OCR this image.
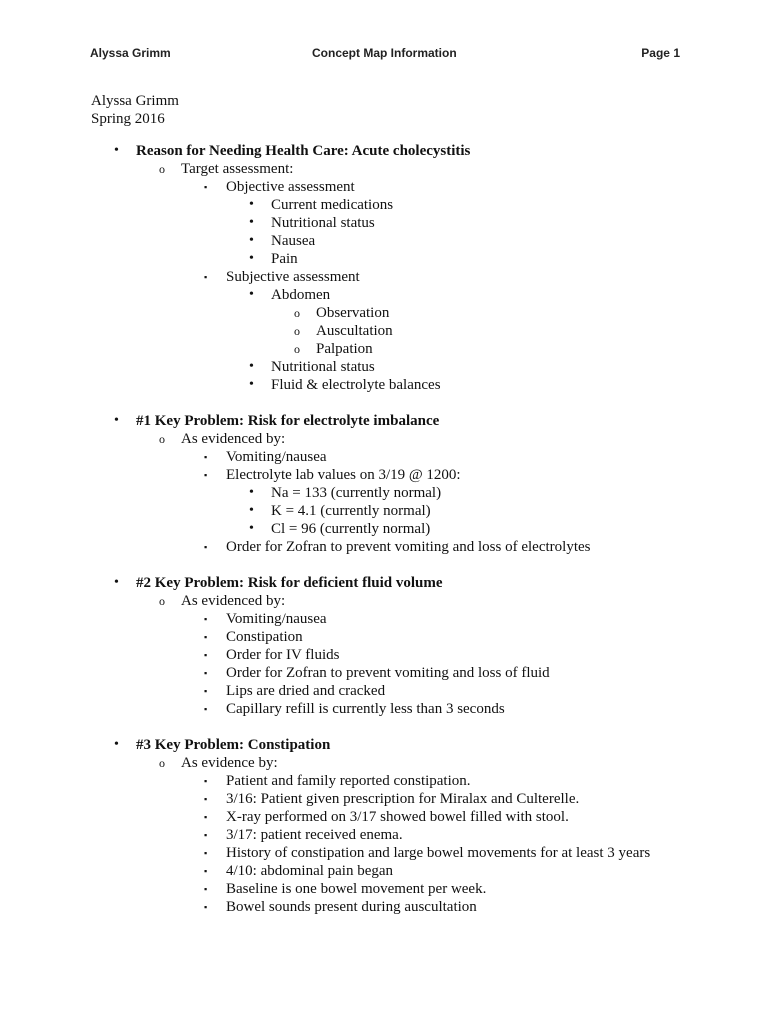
Alyssa Grimm	Concept Map Information	Page 1
Alyssa Grimm
Spring 2016
• Reason for Needing Health Care: Acute cholecystitis
o Target assessment:
▪ Objective assessment
• Current medications
• Nutritional status
• Nausea
• Pain
▪ Subjective assessment
• Abdomen
o Observation
o Auscultation
o Palpation
• Nutritional status
• Fluid & electrolyte balances
• #1 Key Problem: Risk for electrolyte imbalance
o As evidenced by:
▪ Vomiting/nausea
▪ Electrolyte lab values on 3/19 @ 1200:
• Na = 133 (currently normal)
• K = 4.1 (currently normal)
• Cl = 96 (currently normal)
▪ Order for Zofran to prevent vomiting and loss of electrolytes
• #2 Key Problem: Risk for deficient fluid volume
o As evidenced by:
▪ Vomiting/nausea
▪ Constipation
▪ Order for IV fluids
▪ Order for Zofran to prevent vomiting and loss of fluid
▪ Lips are dried and cracked
▪ Capillary refill is currently less than 3 seconds
• #3 Key Problem: Constipation
o As evidence by:
▪ Patient and family reported constipation.
▪ 3/16: Patient given prescription for Miralax and Culterelle.
▪ X-ray performed on 3/17 showed bowel filled with stool.
▪ 3/17: patient received enema.
▪ History of constipation and large bowel movements for at least 3 years
▪ 4/10: abdominal pain began
▪ Baseline is one bowel movement per week.
▪ Bowel sounds present during auscultation
